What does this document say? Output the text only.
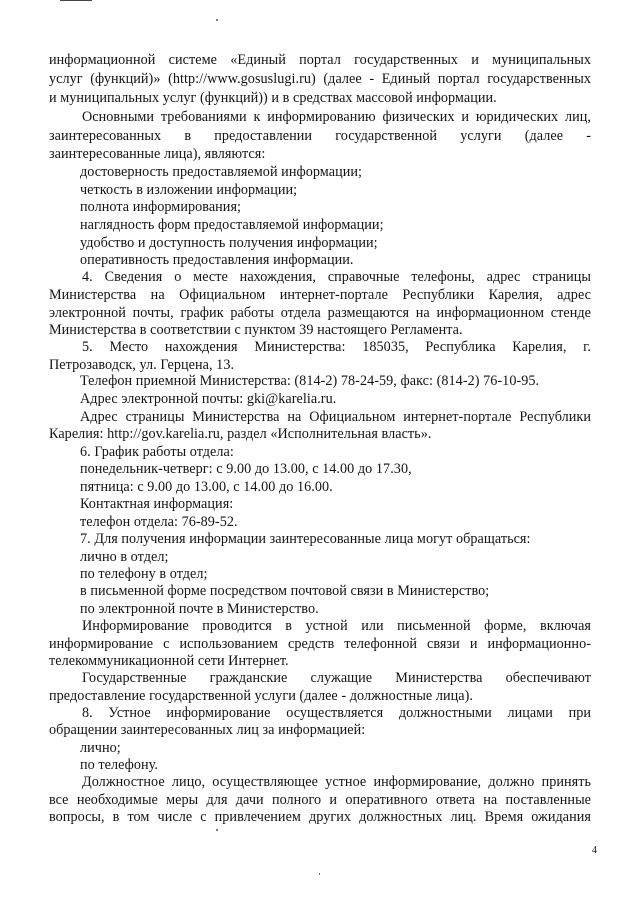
информационной системе «Единый портал государственных и муниципальных
услуг (функций)» (http://www.gosuslugi.ru) (далее - Единый портал государственных
и муниципальных услуг (функций)) и в средствах массовой информации.
Основными требованиями к информированию физических и юридических лиц,
заинтересованных в предоставлении государственной услуги (далее -
заинтересованные лица), являются:
достоверность предоставляемой информации;
четкость в изложении информации;
полнота информирования;
наглядность форм предоставляемой информации;
удобство и доступность получения информации;
оперативность предоставления информации.
4. Сведения о месте нахождения, справочные телефоны, адрес страницы
Министерства на Официальном интернет-портале Республики Карелия, адрес
электронной почты, график работы отдела размещаются на информационном стенде
Министерства в соответствии с пунктом 39 настоящего Регламента.
5. Место нахождения Министерства: 185035, Республика Карелия, г.
Петрозаводск, ул. Герцена, 13.
Телефон приемной Министерства: (814-2) 78-24-59, факс: (814-2) 76-10-95.
Адрес электронной почты: gki@karelia.ru.
Адрес страницы Министерства на Официальном интернет-портале Республики
Карелия: http://gov.karelia.ru, раздел «Исполнительная власть».
6. График работы отдела:
понедельник-четверг: с 9.00 до 13.00, с 14.00 до 17.30,
пятница: с 9.00 до 13.00, с 14.00 до 16.00.
Контактная информация:
телефон отдела: 76-89-52.
7. Для получения информации заинтересованные лица могут обращаться:
лично в отдел;
по телефону в отдел;
в письменной форме посредством почтовой связи в Министерство;
по электронной почте в Министерство.
Информирование проводится в устной или письменной форме, включая
информирование с использованием средств телефонной связи и информационно-
телекоммуникационной сети Интернет.
Государственные гражданские служащие Министерства обеспечивают
предоставление государственной услуги (далее - должностные лица).
8. Устное информирование осуществляется должностными лицами при
обращении заинтересованных лиц за информацией:
лично;
по телефону.
Должностное лицо, осуществляющее устное информирование, должно принять
все необходимые меры для дачи полного и оперативного ответа на поставленные
вопросы, в том числе с привлечением других должностных лиц. Время ожидания
4
